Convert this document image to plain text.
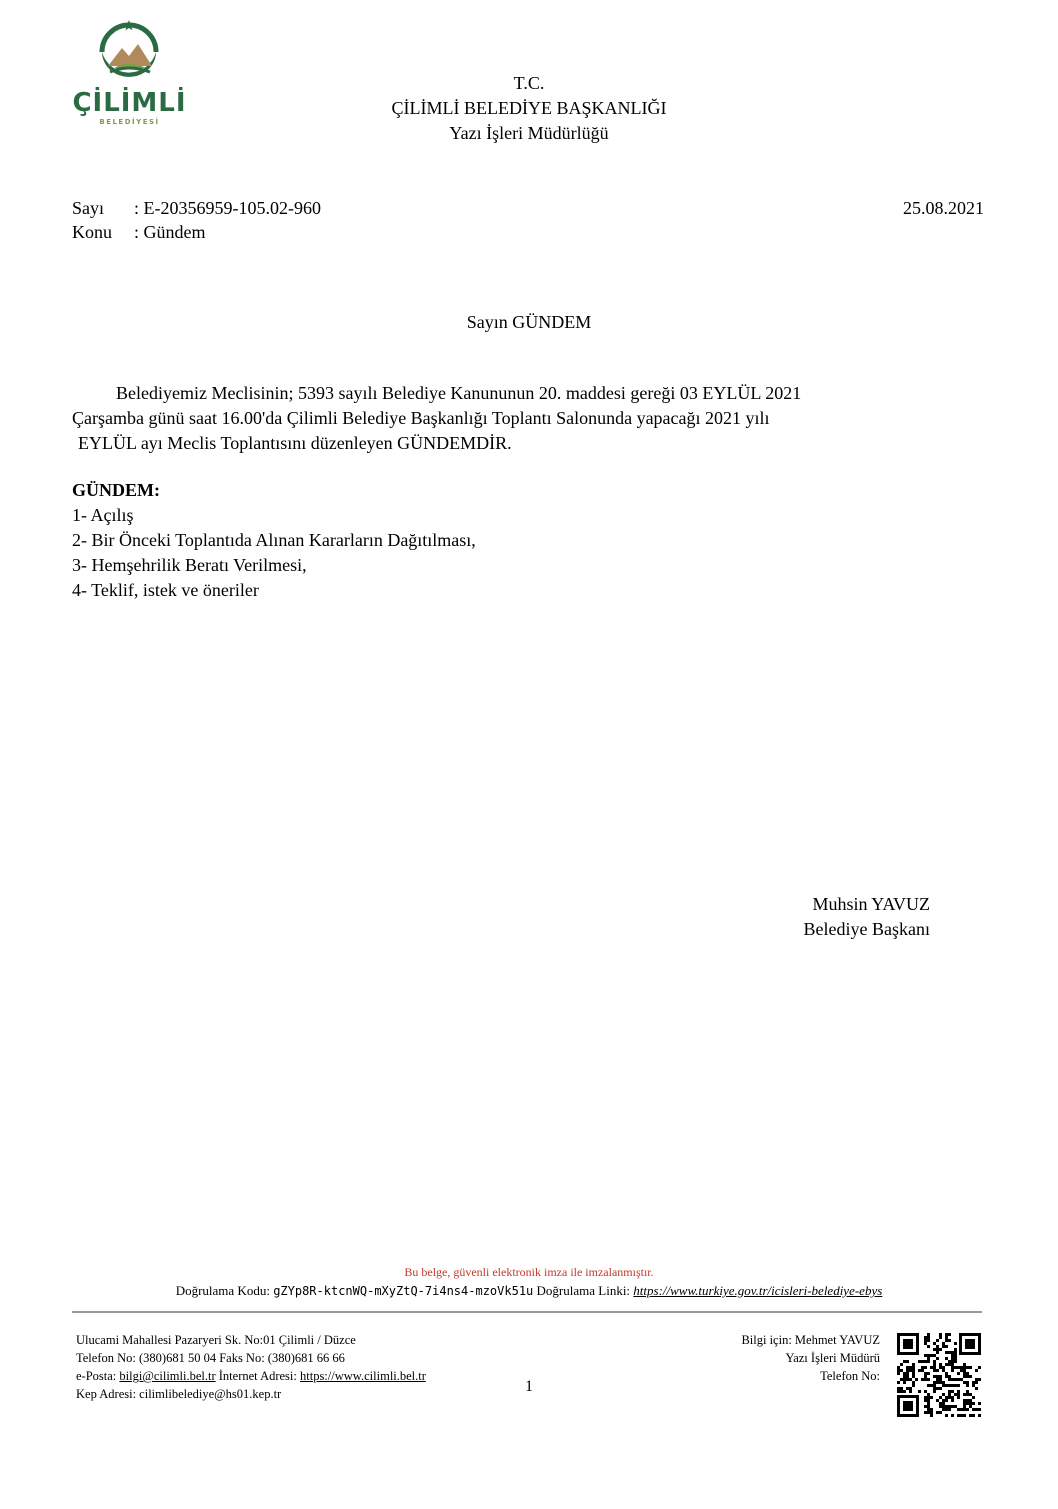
ÇİLİMLİ
BELEDİYESİ
T.C.
ÇİLİMLİ BELEDİYE BAŞKANLIĞI
Yazı İşleri Müdürlüğü
Sayı : E-20356959-105.02-960
Konu : Gündem
25.08.2021
Sayın GÜNDEM
Belediyemiz Meclisinin; 5393 sayılı Belediye Kanununun 20. maddesi gereği 03 EYLÜL 2021
Çarşamba günü saat 16.00'da Çilimli Belediye Başkanlığı Toplantı Salonunda yapacağı 2021 yılı
EYLÜL ayı Meclis Toplantısını düzenleyen GÜNDEMDİR.
GÜNDEM:
1- Açılış
2- Bir Önceki Toplantıda Alınan Kararların Dağıtılması,
3- Hemşehrilik Beratı Verilmesi,
4- Teklif, istek ve öneriler
Muhsin YAVUZ
Belediye Başkanı
Bu belge, güvenli elektronik imza ile imzalanmıştır.
Doğrulama Kodu: gZYp8R-ktcnWQ-mXyZtQ-7i4ns4-mzoVk51u Doğrulama Linki: https://www.turkiye.gov.tr/icisleri-belediye-ebys
Ulucami Mahallesi Pazaryeri Sk. No:01 Çilimli / Düzce
Telefon No: (380)681 50 04 Faks No: (380)681 66 66
e-Posta: bilgi@cilimli.bel.tr İnternet Adresi: https://www.cilimli.bel.tr
Kep Adresi: cilimlibelediye@hs01.kep.tr
Bilgi için: Mehmet YAVUZ
Yazı İşleri Müdürü
Telefon No:
1
